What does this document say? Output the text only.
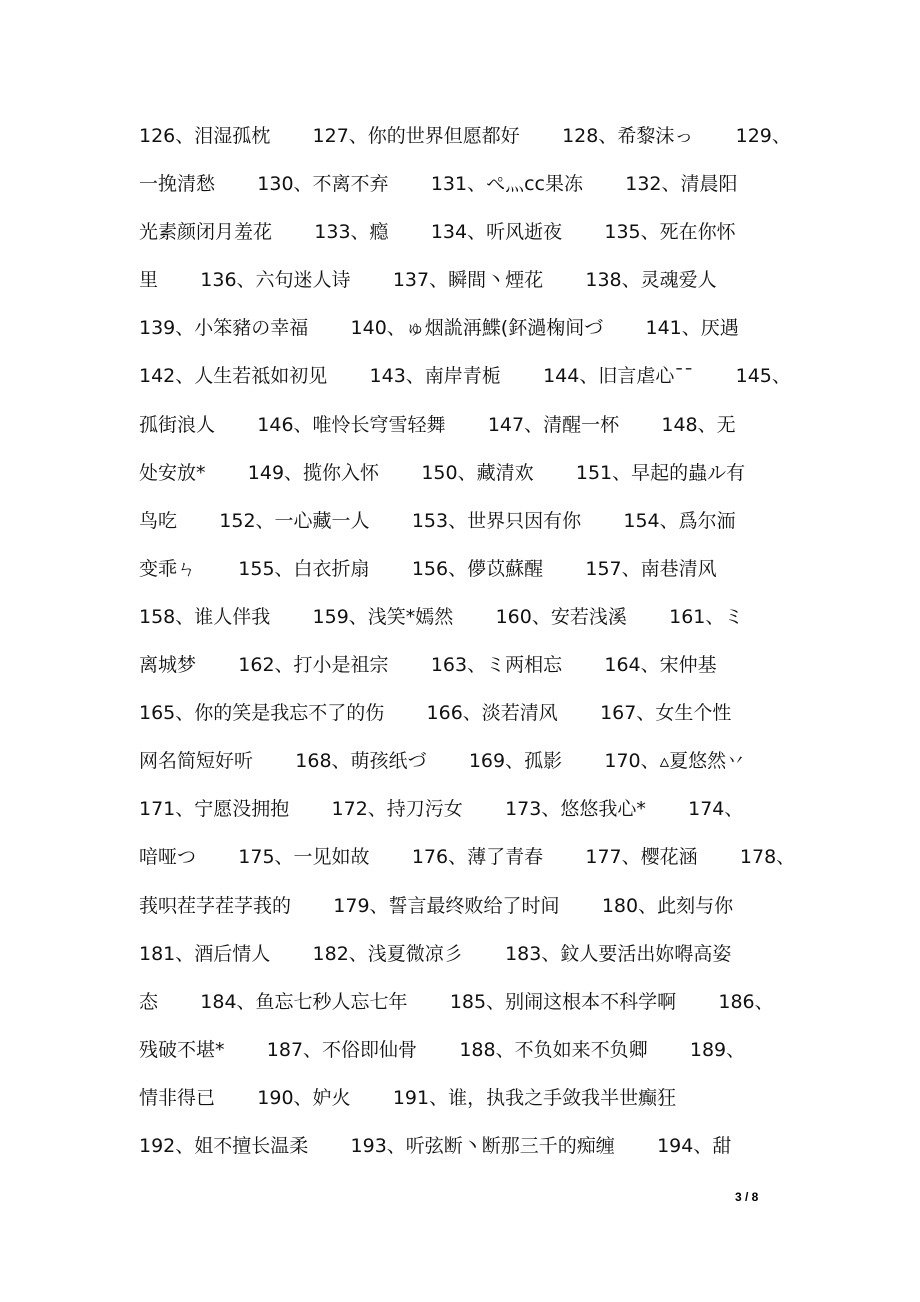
126、泪湿孤枕       127、你的世界但愿都好       128、希黎沫っ       129、
一挽清愁       130、不离不弃       131、ぺ灬cc果冻       132、清晨阳
光素颜闭月羞花       133、瘾       134、听风逝夜       135、死在你怀
里       136、六句迷人诗       137、瞬間丶煙花       138、灵魂爱人
139、小笨豬の幸福       140、ゅ烟詤洅鰈(鈈濄椈间づ       141、厌遇
142、人生若祗如初见       143、南岸青栀       144、旧言虐心ˉˉ       145、
孤街浪人       146、唯怜长穹雪轻舞       147、清醒一杯       148、无
处安放*       149、揽你入怀       150、藏清欢       151、早起的蟲ル有
鸟吃       152、一心藏一人       153、世界只因有你       154、爲尔洏
变乖ㄣ       155、白衣折扇       156、儚苡蘇醒       157、南巷清风
158、谁人伴我       159、浅笑*嫣然       160、安若浅溪       161、ミ
离城梦       162、打小是祖宗       163、ミ两相忘       164、宋仲基
165、你的笑是我忘不了的伤       166、淡若清风       167、女生个性
网名简短好听       168、萌孩纸づ       169、孤影       170、▵夏悠然丷
171、宁愿没拥抱       172、持刀污女       173、悠悠我心*       174、
喑哑つ       175、一见如故       176、薄了青春       177、樱花涵       178、
莪呮茬芓茬芓莪的       179、誓言最终败给了时间       180、此刻与你
181、酒后情人       182、浅夏微凉彡       183、鈫人要活出妳嘚高姿
态       184、鱼忘七秒人忘七年       185、别闹这根本不科学啊       186、
残破不堪*       187、不俗即仙骨       188、不负如来不负卿       189、
情非得已       190、妒火       191、谁，执我之手敛我半世癫狂
192、姐不擅长温柔       193、听弦断丶断那三千的痴缠       194、甜
3 / 8
